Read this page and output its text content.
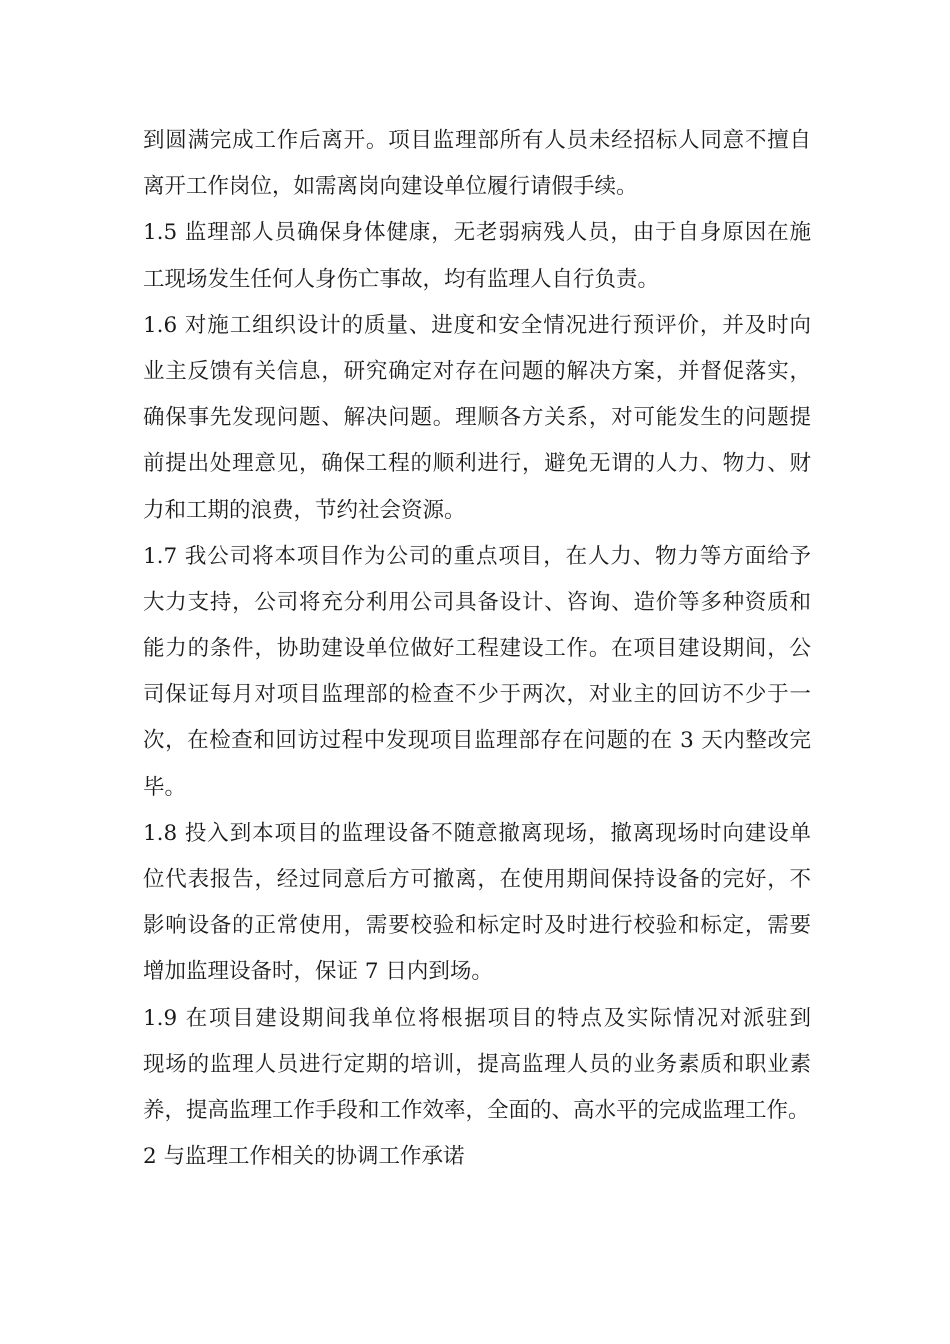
到圆满完成工作后离开。项目监理部所有人员未经招标人同意不擅自
离开工作岗位，如需离岗向建设单位履行请假手续。
1.5 监理部人员确保身体健康，无老弱病残人员，由于自身原因在施
工现场发生任何人身伤亡事故，均有监理人自行负责。
1.6 对施工组织设计的质量、进度和安全情况进行预评价，并及时向
业主反馈有关信息，研究确定对存在问题的解决方案，并督促落实，
确保事先发现问题、解决问题。理顺各方关系，对可能发生的问题提
前提出处理意见，确保工程的顺利进行，避免无谓的人力、物力、财
力和工期的浪费，节约社会资源。
1.7 我公司将本项目作为公司的重点项目，在人力、物力等方面给予
大力支持，公司将充分利用公司具备设计、咨询、造价等多种资质和
能力的条件，协助建设单位做好工程建设工作。在项目建设期间，公
司保证每月对项目监理部的检查不少于两次，对业主的回访不少于一
次，在检查和回访过程中发现项目监理部存在问题的在 3 天内整改完
毕。
1.8 投入到本项目的监理设备不随意撤离现场，撤离现场时向建设单
位代表报告，经过同意后方可撤离，在使用期间保持设备的完好，不
影响设备的正常使用，需要校验和标定时及时进行校验和标定，需要
增加监理设备时，保证 7 日内到场。
1.9 在项目建设期间我单位将根据项目的特点及实际情况对派驻到
现场的监理人员进行定期的培训，提高监理人员的业务素质和职业素
养，提高监理工作手段和工作效率，全面的、高水平的完成监理工作。
2 与监理工作相关的协调工作承诺
